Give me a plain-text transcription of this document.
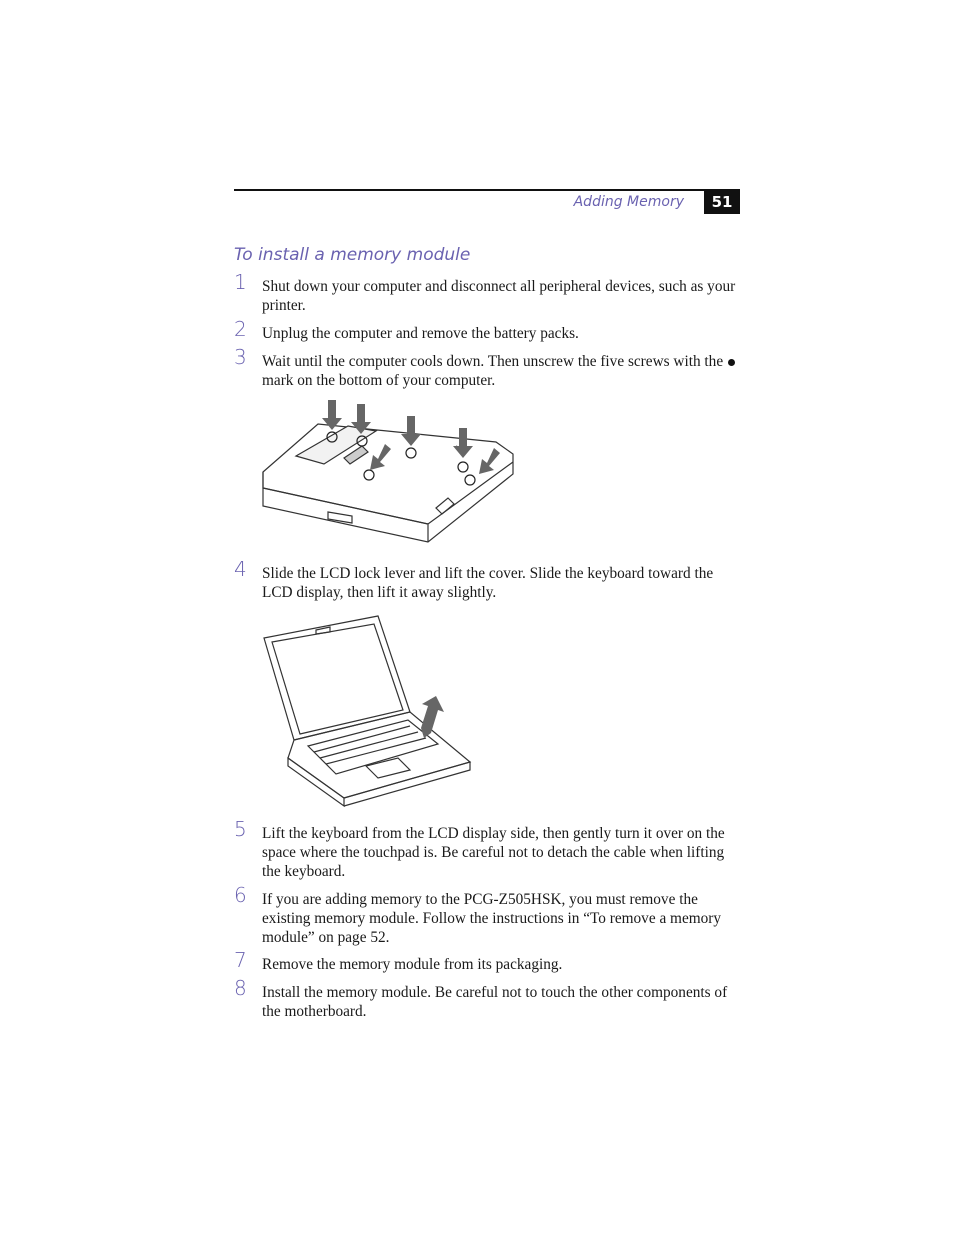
Adding Memory	51
To install a memory module
1 Shut down your computer and disconnect all peripheral devices, such as your printer.
2 Unplug the computer and remove the battery packs.
3 Wait until the computer cools down. Then unscrew the five screws with the  mark on the bottom of your computer.
4 Slide the LCD lock lever and lift the cover. Slide the keyboard toward the LCD display, then lift it away slightly.
5 Lift the keyboard from the LCD display side, then gently turn it over on the space where the touchpad is. Be careful not to detach the cable when lifting the keyboard.
6 If you are adding memory to the PCG-Z505HSK, you must remove the existing memory module. Follow the instructions in “To remove a memory module” on page 52.
7 Remove the memory module from its packaging.
8 Install the memory module. Be careful not to touch the other components of the motherboard.
